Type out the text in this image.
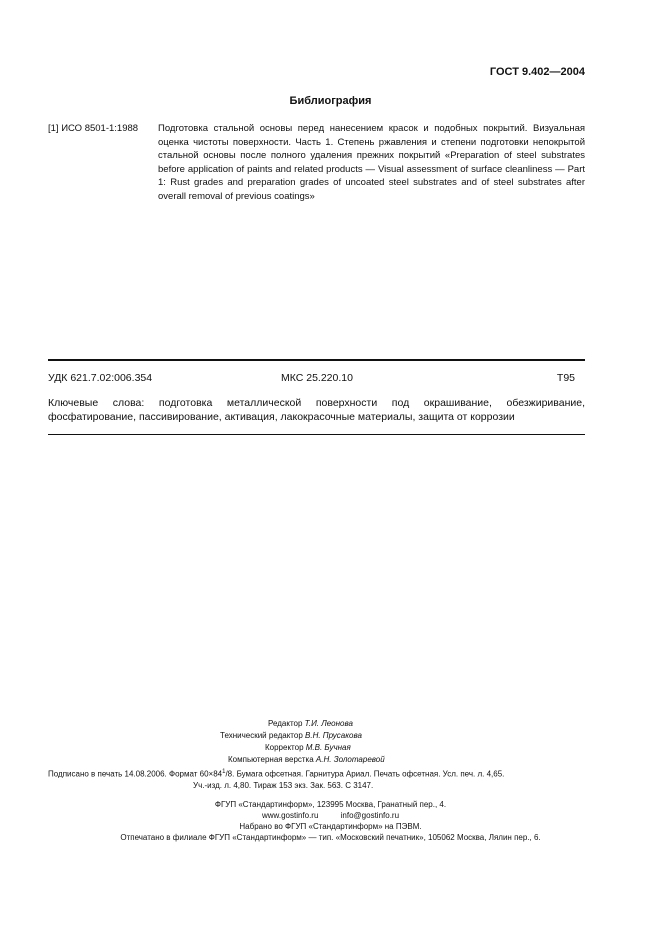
ГОСТ 9.402—2004
Библиография
[1] ИСО 8501-1:1988 Подготовка стальной основы перед нанесением красок и подобных покрытий. Визуальная оценка чистоты поверхности. Часть 1. Степень ржавления и степени подготовки непокрытой стальной основы после полного удаления прежних покрытий «Preparation of steel substrates before application of paints and related products — Visual assessment of surface cleanliness — Part 1: Rust grades and preparation grades of uncoated steel substrates and of steel substrates after overall removal of previous coatings»
УДК 621.7.02:006.354	МКС 25.220.10	Т95
Ключевые слова: подготовка металлической поверхности под окрашивание, обезжиривание, фосфатирование, пассивирование, активация, лакокрасочные материалы, защита от коррозии
Редактор Т.И. Леонова
Технический редактор В.Н. Прусакова
Корректор М.В. Бучная
Компьютерная верстка А.Н. Золотаревой
Подписано в печать 14.08.2006. Формат $60\times 84^1/8$. Бумага офсетная. Гарнитура Ариал. Печать офсетная. Усл. печ. л. 4,65.
Уч.-изд. л. 4,80. Тираж 153 экз. Зак. 563. С 3147.
ФГУП «Стандартинформ», 123995 Москва, Гранатный пер., 4.
www.gostinfo.ru          info@gostinfo.ru
Набрано во ФГУП «Стандартинформ» на ПЭВМ.
Отпечатано в филиале ФГУП «Стандартинформ» — тип. «Московский печатник», 105062 Москва, Лялин пер., 6.
